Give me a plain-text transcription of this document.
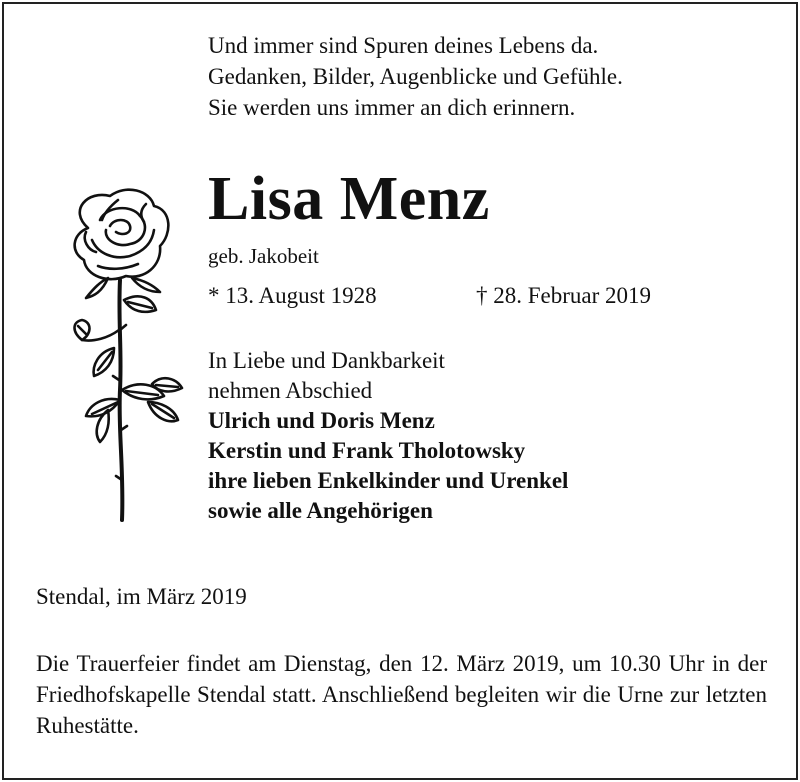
Und immer sind Spuren deines Lebens da.
Gedanken, Bilder, Augenblicke und Gefühle.
Sie werden uns immer an dich erinnern.
Lisa Menz
geb. Jakobeit
* 13. August 1928	† 28. Februar 2019
In Liebe und Dankbarkeit
nehmen Abschied
Ulrich und Doris Menz
Kerstin und Frank Tholotowsky
ihre lieben Enkelkinder und Urenkel
sowie alle Angehörigen
Stendal, im März 2019
Die Trauerfeier findet am Dienstag, den 12. März 2019, um 10.30 Uhr in der Friedhofskapelle Stendal statt. Anschließend begleiten wir die Urne zur letzten Ruhestätte.
